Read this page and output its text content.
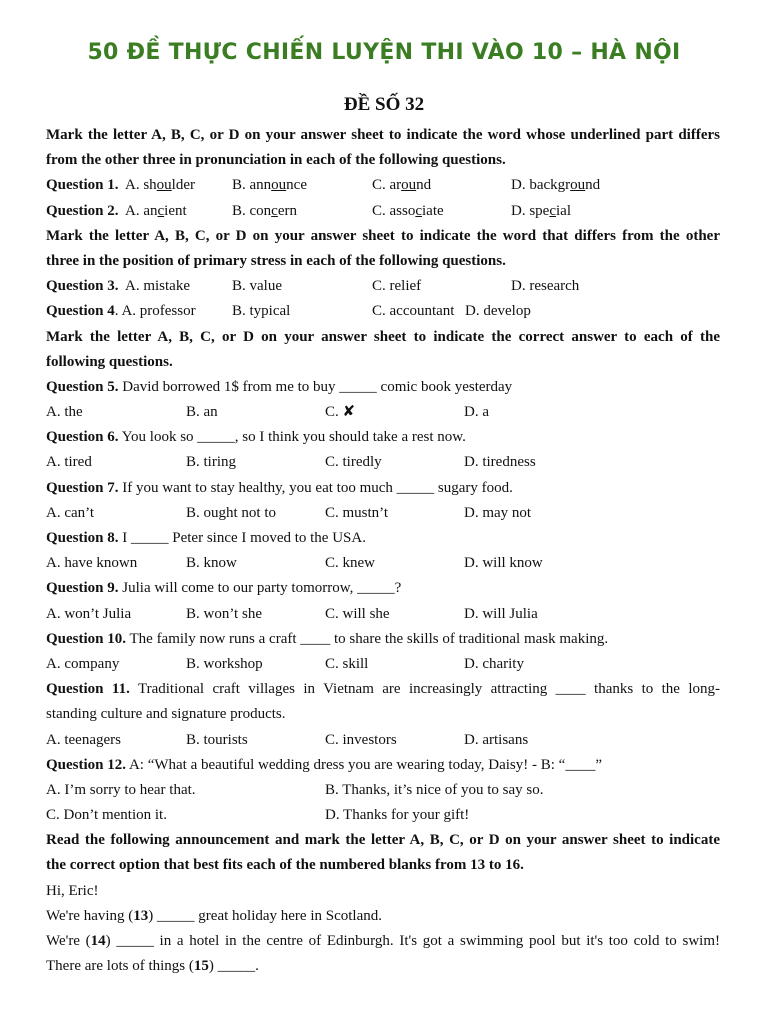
50 ĐỀ THỰC CHIẾN LUYỆN THI VÀO 10 – HÀ NỘI
ĐỀ SỐ 32
Mark the letter A, B, C, or D on your answer sheet to indicate the word whose underlined part differs
from the other three in pronunciation in each of the following questions.
Question 1. A. shoulder B. announce	C. around	D. background
Question 2. A. ancient	B. concern	C. associate	D. special
Mark the letter A, B, C, or D on your answer sheet to indicate the word that differs from the other
three in the position of primary stress in each of the following questions.
Question 3. A. mistake	B. value	C. relief	D. research
Question 4. A. professor B. typical	C. accountant D. develop
Mark the letter A, B, C, or D on your answer sheet to indicate the correct answer to each of the
following questions.
Question 5. David borrowed 1$ from me to buy _____ comic book yesterday
A. the	B. an	C. ✘	D. a
Question 6. You look so _____, so I think you should take a rest now.
A. tired	B. tiring	C. tiredly	D. tiredness
Question 7. If you want to stay healthy, you eat too much _____ sugary food.
A. can’t	B. ought not to	C. mustn’t	D. may not
Question 8. I _____ Peter since I moved to the USA.
A. have known	B. know	C. knew	D. will know
Question 9. Julia will come to our party tomorrow, _____?
A. won’t Julia	B. won’t she	C. will she	D. will Julia
Question 10. The family now runs a craft ____ to share the skills of traditional mask making.
A. company	B. workshop	C. skill	D. charity
Question 11. Traditional craft villages in Vietnam are increasingly attracting ____ thanks to the long-
standing culture and signature products.
A. teenagers	B. tourists	C. investors	D. artisans
Question 12. A: “What a beautiful wedding dress you are wearing today, Daisy! - B: “____”
A. I’m sorry to hear that.	B. Thanks, it’s nice of you to say so.
C. Don’t mention it.	D. Thanks for your gift!
Read the following announcement and mark the letter A, B, C, or D on your answer sheet to indicate
the correct option that best fits each of the numbered blanks from 13 to 16.
Hi, Eric!
We're having (13) _____ great holiday here in Scotland.
We're (14) _____ in a hotel in the centre of Edinburgh. It's got a swimming pool but it's too cold to swim!
There are lots of things (15) _____.
